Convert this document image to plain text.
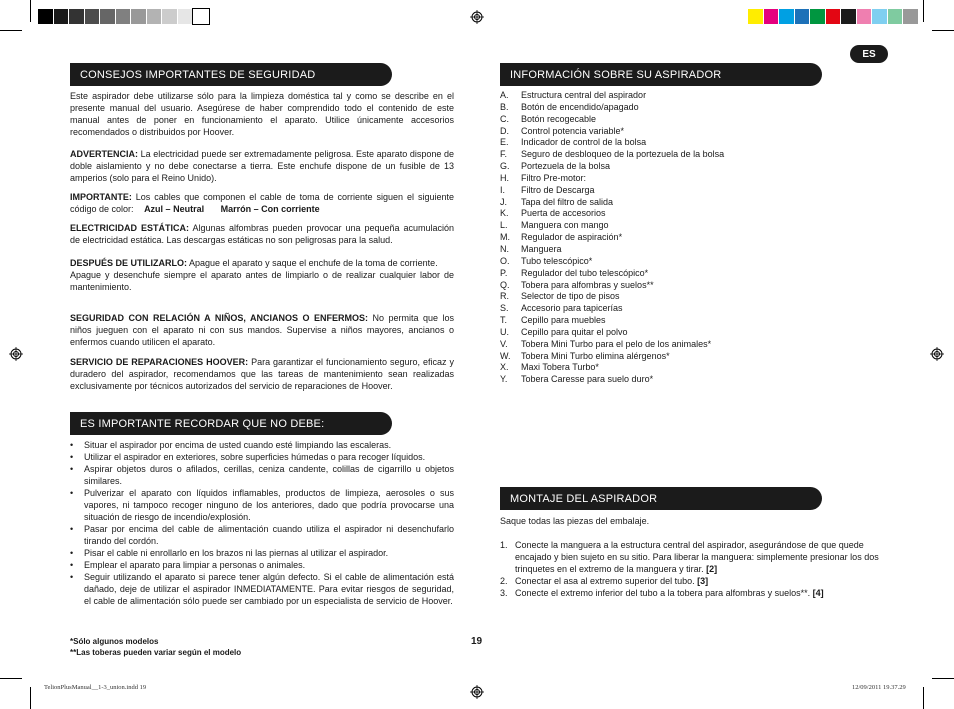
ES
CONSEJOS IMPORTANTES DE SEGURIDAD
Este aspirador debe utilizarse sólo para la limpieza doméstica tal y como se describe en el presente manual del usuario. Asegúrese de haber comprendido todo el contenido de este manual antes de poner en funcionamiento el aparato. Utilice únicamente accesorios recomendados o distribuidos por Hoover.
ADVERTENCIA: La electricidad puede ser extremadamente peligrosa. Este aparato dispone de doble aislamiento y no debe conectarse a tierra. Este enchufe dispone de un fusible de 13 amperios (solo para el Reino Unido).
IMPORTANTE: Los cables que componen el cable de toma de corriente siguen el siguiente código de color: Azul – Neutral Marrón – Con corriente
ELECTRICIDAD ESTÁTICA: Algunas alfombras pueden provocar una pequeña acumulación de electricidad estática. Las descargas estáticas no son peligrosas para la salud.
DESPUÉS DE UTILIZARLO: Apague el aparato y saque el enchufe de la toma de corriente.
Apague y desenchufe siempre el aparato antes de limpiarlo o de realizar cualquier labor de mantenimiento.
SEGURIDAD CON RELACIÓN A NIÑOS, ANCIANOS O ENFERMOS: No permita que los niños jueguen con el aparato ni con sus mandos. Supervise a niños mayores, ancianos o enfermos cuando utilicen el aparato.
SERVICIO DE REPARACIONES HOOVER: Para garantizar el funcionamiento seguro, eficaz y duradero del aspirador, recomendamos que las tareas de mantenimiento sean realizadas exclusivamente por técnicos autorizados del servicio de reparaciones de Hoover.
ES IMPORTANTE RECORDAR QUE NO DEBE:
• Situar el aspirador por encima de usted cuando esté limpiando las escaleras.
• Utilizar el aspirador en exteriores, sobre superficies húmedas o para recoger líquidos.
• Aspirar objetos duros o afilados, cerillas, ceniza candente, colillas de cigarrillo u objetos similares.
• Pulverizar el aparato con líquidos inflamables, productos de limpieza, aerosoles o sus vapores, ni tampoco recoger ninguno de los anteriores, dado que podría provocarse una situación de riesgo de incendio/explosión.
• Pasar por encima del cable de alimentación cuando utiliza el aspirador ni desenchufarlo tirando del cordón.
• Pisar el cable ni enrollarlo en los brazos ni las piernas al utilizar el aspirador.
• Emplear el aparato para limpiar a personas o animales.
• Seguir utilizando el aparato si parece tener algún defecto. Si el cable de alimentación está dañado, deje de utilizar el aspirador INMEDIATAMENTE. Para evitar riesgos de seguridad, el cable de alimentación sólo puede ser cambiado por un especialista de servicio de Hoover.
*Sólo algunos modelos
**Las toberas pueden variar según el modelo
19
INFORMACIÓN SOBRE SU ASPIRADOR
A.	Estructura central del aspirador
B.	Botón de encendido/apagado
C.	Botón recogecable
D.	Control potencia variable*
E.	Indicador de control de la bolsa
F.	Seguro de desbloqueo de la portezuela de la bolsa
G.	Portezuela de la bolsa
H.	Filtro Pre-motor:
I.	Filtro de Descarga
J.	Tapa del filtro de salida
K.	Puerta de accesorios
L.	Manguera con mango
M.	Regulador de aspiración*
N.	Manguera
O.	Tubo telescópico*
P.	Regulador del tubo telescópico*
Q.	Tobera para alfombras y suelos**
R.	Selector de tipo de pisos
S.	Accesorio para tapicerías
T.	Cepillo para muebles
U.	Cepillo para quitar el polvo
V.	Tobera Mini Turbo para el pelo de los animales*
W.	Tobera Mini Turbo elimina alérgenos*
X.	Maxi Tobera Turbo*
Y.	Tobera Caresse para suelo duro*
MONTAJE DEL ASPIRADOR
Saque todas las piezas del embalaje.
1. Conecte la manguera a la estructura central del aspirador, asegurándose de que quede encajado y bien sujeto en su sitio. Para liberar la manguera: simplemente presionar los dos trinquetes en el extremo de la manguera y tirar. [2]
2. Conectar el asa al extremo superior del tubo. [3]
3. Conecte el extremo inferior del tubo a la tobera para alfombras y suelos**. [4]
TelionPlusManual__1-3_union.indd 19	12/09/2011 19.37.29
